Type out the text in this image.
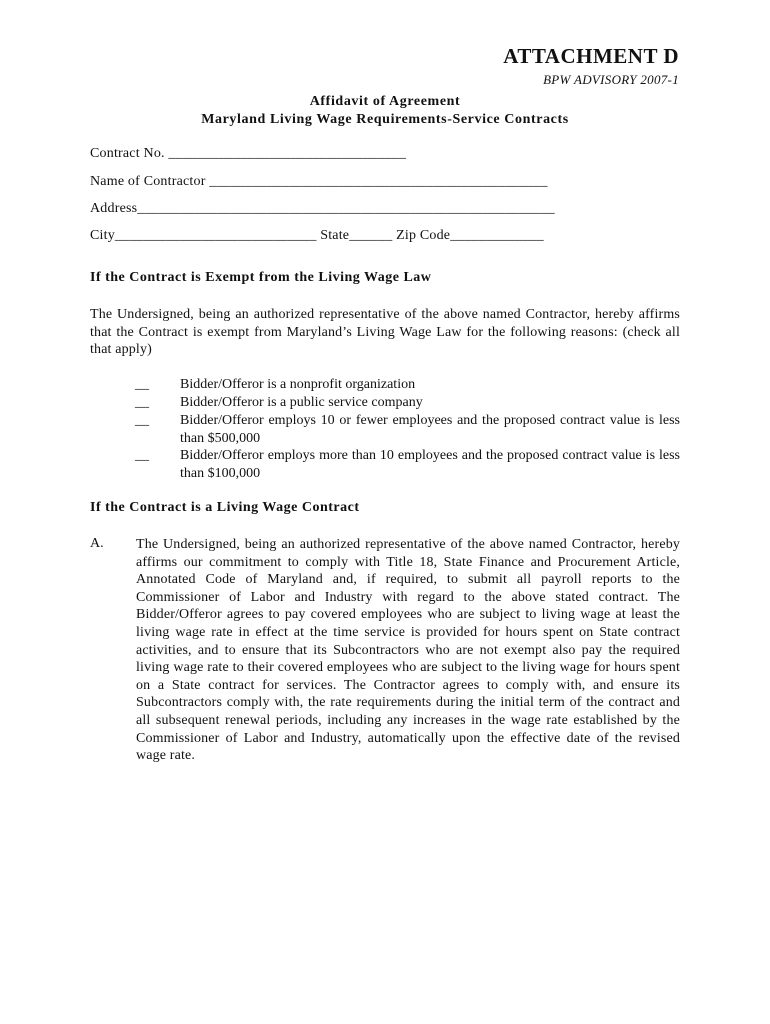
ATTACHMENT D
BPW ADVISORY 2007-1
Affidavit of Agreement
Maryland Living Wage Requirements-Service Contracts
Contract No. _________________________________
Name of Contractor _______________________________________________
Address__________________________________________________________
City____________________________ State______ Zip Code_____________
If the Contract is Exempt from the Living Wage Law

The Undersigned, being an authorized representative of the above named Contractor, hereby affirms that the Contract is exempt from Maryland’s Living Wage Law for the following reasons: (check all that apply)

__	Bidder/Offeror is a nonprofit organization
__	Bidder/Offeror is a public service company
__	Bidder/Offeror employs 10 or fewer employees and the proposed contract value is less than $500,000
__	Bidder/Offeror employs more than 10 employees and the proposed contract value is less than $100,000
If the Contract is a Living Wage Contract
A. The Undersigned, being an authorized representative of the above named Contractor, hereby affirms our commitment to comply with Title 18, State Finance and Procurement Article, Annotated Code of Maryland and, if required, to submit all payroll reports to the Commissioner of Labor and Industry with regard to the above stated contract. The Bidder/Offeror agrees to pay covered employees who are subject to living wage at least the living wage rate in effect at the time service is provided for hours spent on State contract activities, and to ensure that its Subcontractors who are not exempt also pay the required living wage rate to their covered employees who are subject to the living wage for hours spent on a State contract for services. The Contractor agrees to comply with, and ensure its Subcontractors comply with, the rate requirements during the initial term of the contract and all subsequent renewal periods, including any increases in the wage rate established by the Commissioner of Labor and Industry, automatically upon the effective date of the revised wage rate.
